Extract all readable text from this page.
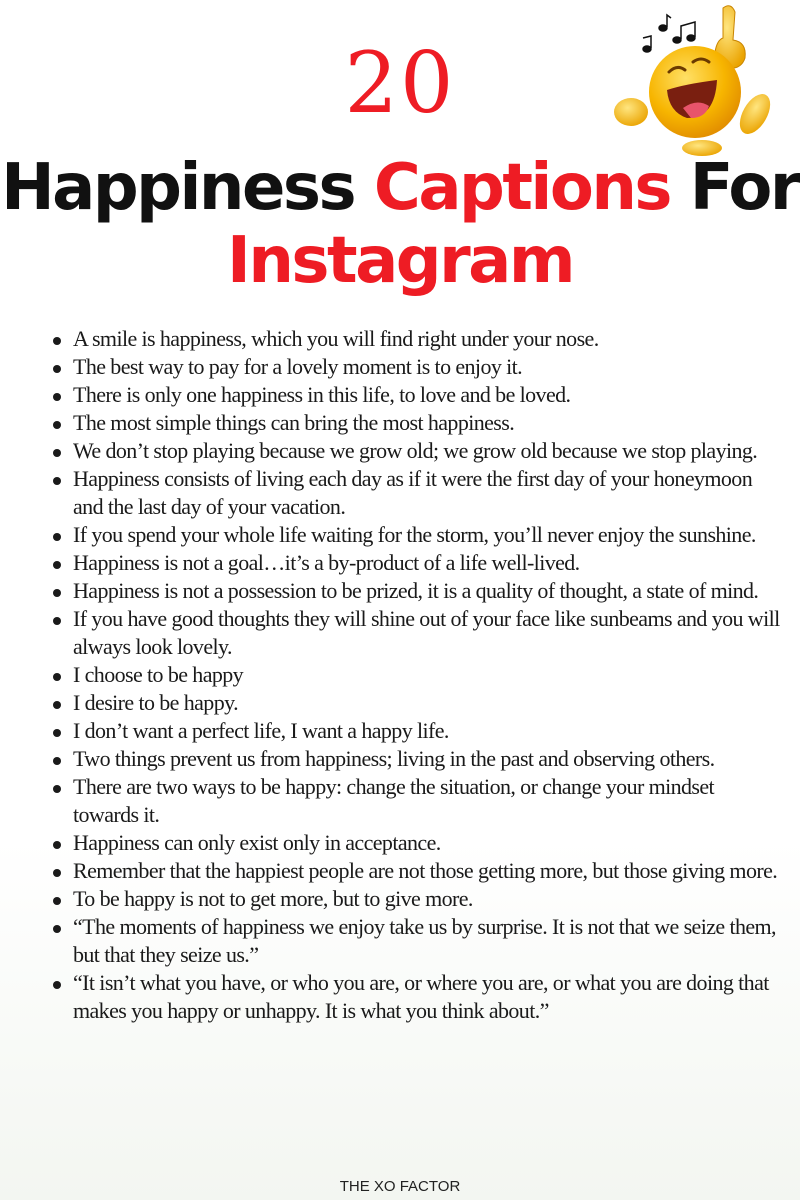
20
Happiness Captions For
Instagram
A smile is happiness, which you will find right under your nose.
The best way to pay for a lovely moment is to enjoy it.
There is only one happiness in this life, to love and be loved.
The most simple things can bring the most happiness.
We don’t stop playing because we grow old; we grow old because we stop playing.
Happiness consists of living each day as if it were the first day of your honeymoon and the last day of your vacation.
If you spend your whole life waiting for the storm, you’ll never enjoy the sunshine.
Happiness is not a goal…it’s a by-product of a life well-lived.
Happiness is not a possession to be prized, it is a quality of thought, a state of mind.
If you have good thoughts they will shine out of your face like sunbeams and you will always look lovely.
I choose to be happy
I desire to be happy.
I don’t want a perfect life, I want a happy life.
Two things prevent us from happiness; living in the past and observing others.
There are two ways to be happy: change the situation, or change your mindset towards it.
Happiness can only exist only in acceptance.
Remember that the happiest people are not those getting more, but those giving more.
To be happy is not to get more, but to give more.
“The moments of happiness we enjoy take us by surprise. It is not that we seize them, but that they seize us.”
“It isn’t what you have, or who you are, or where you are, or what you are doing that makes you happy or unhappy. It is what you think about.”
THE XO FACTOR
